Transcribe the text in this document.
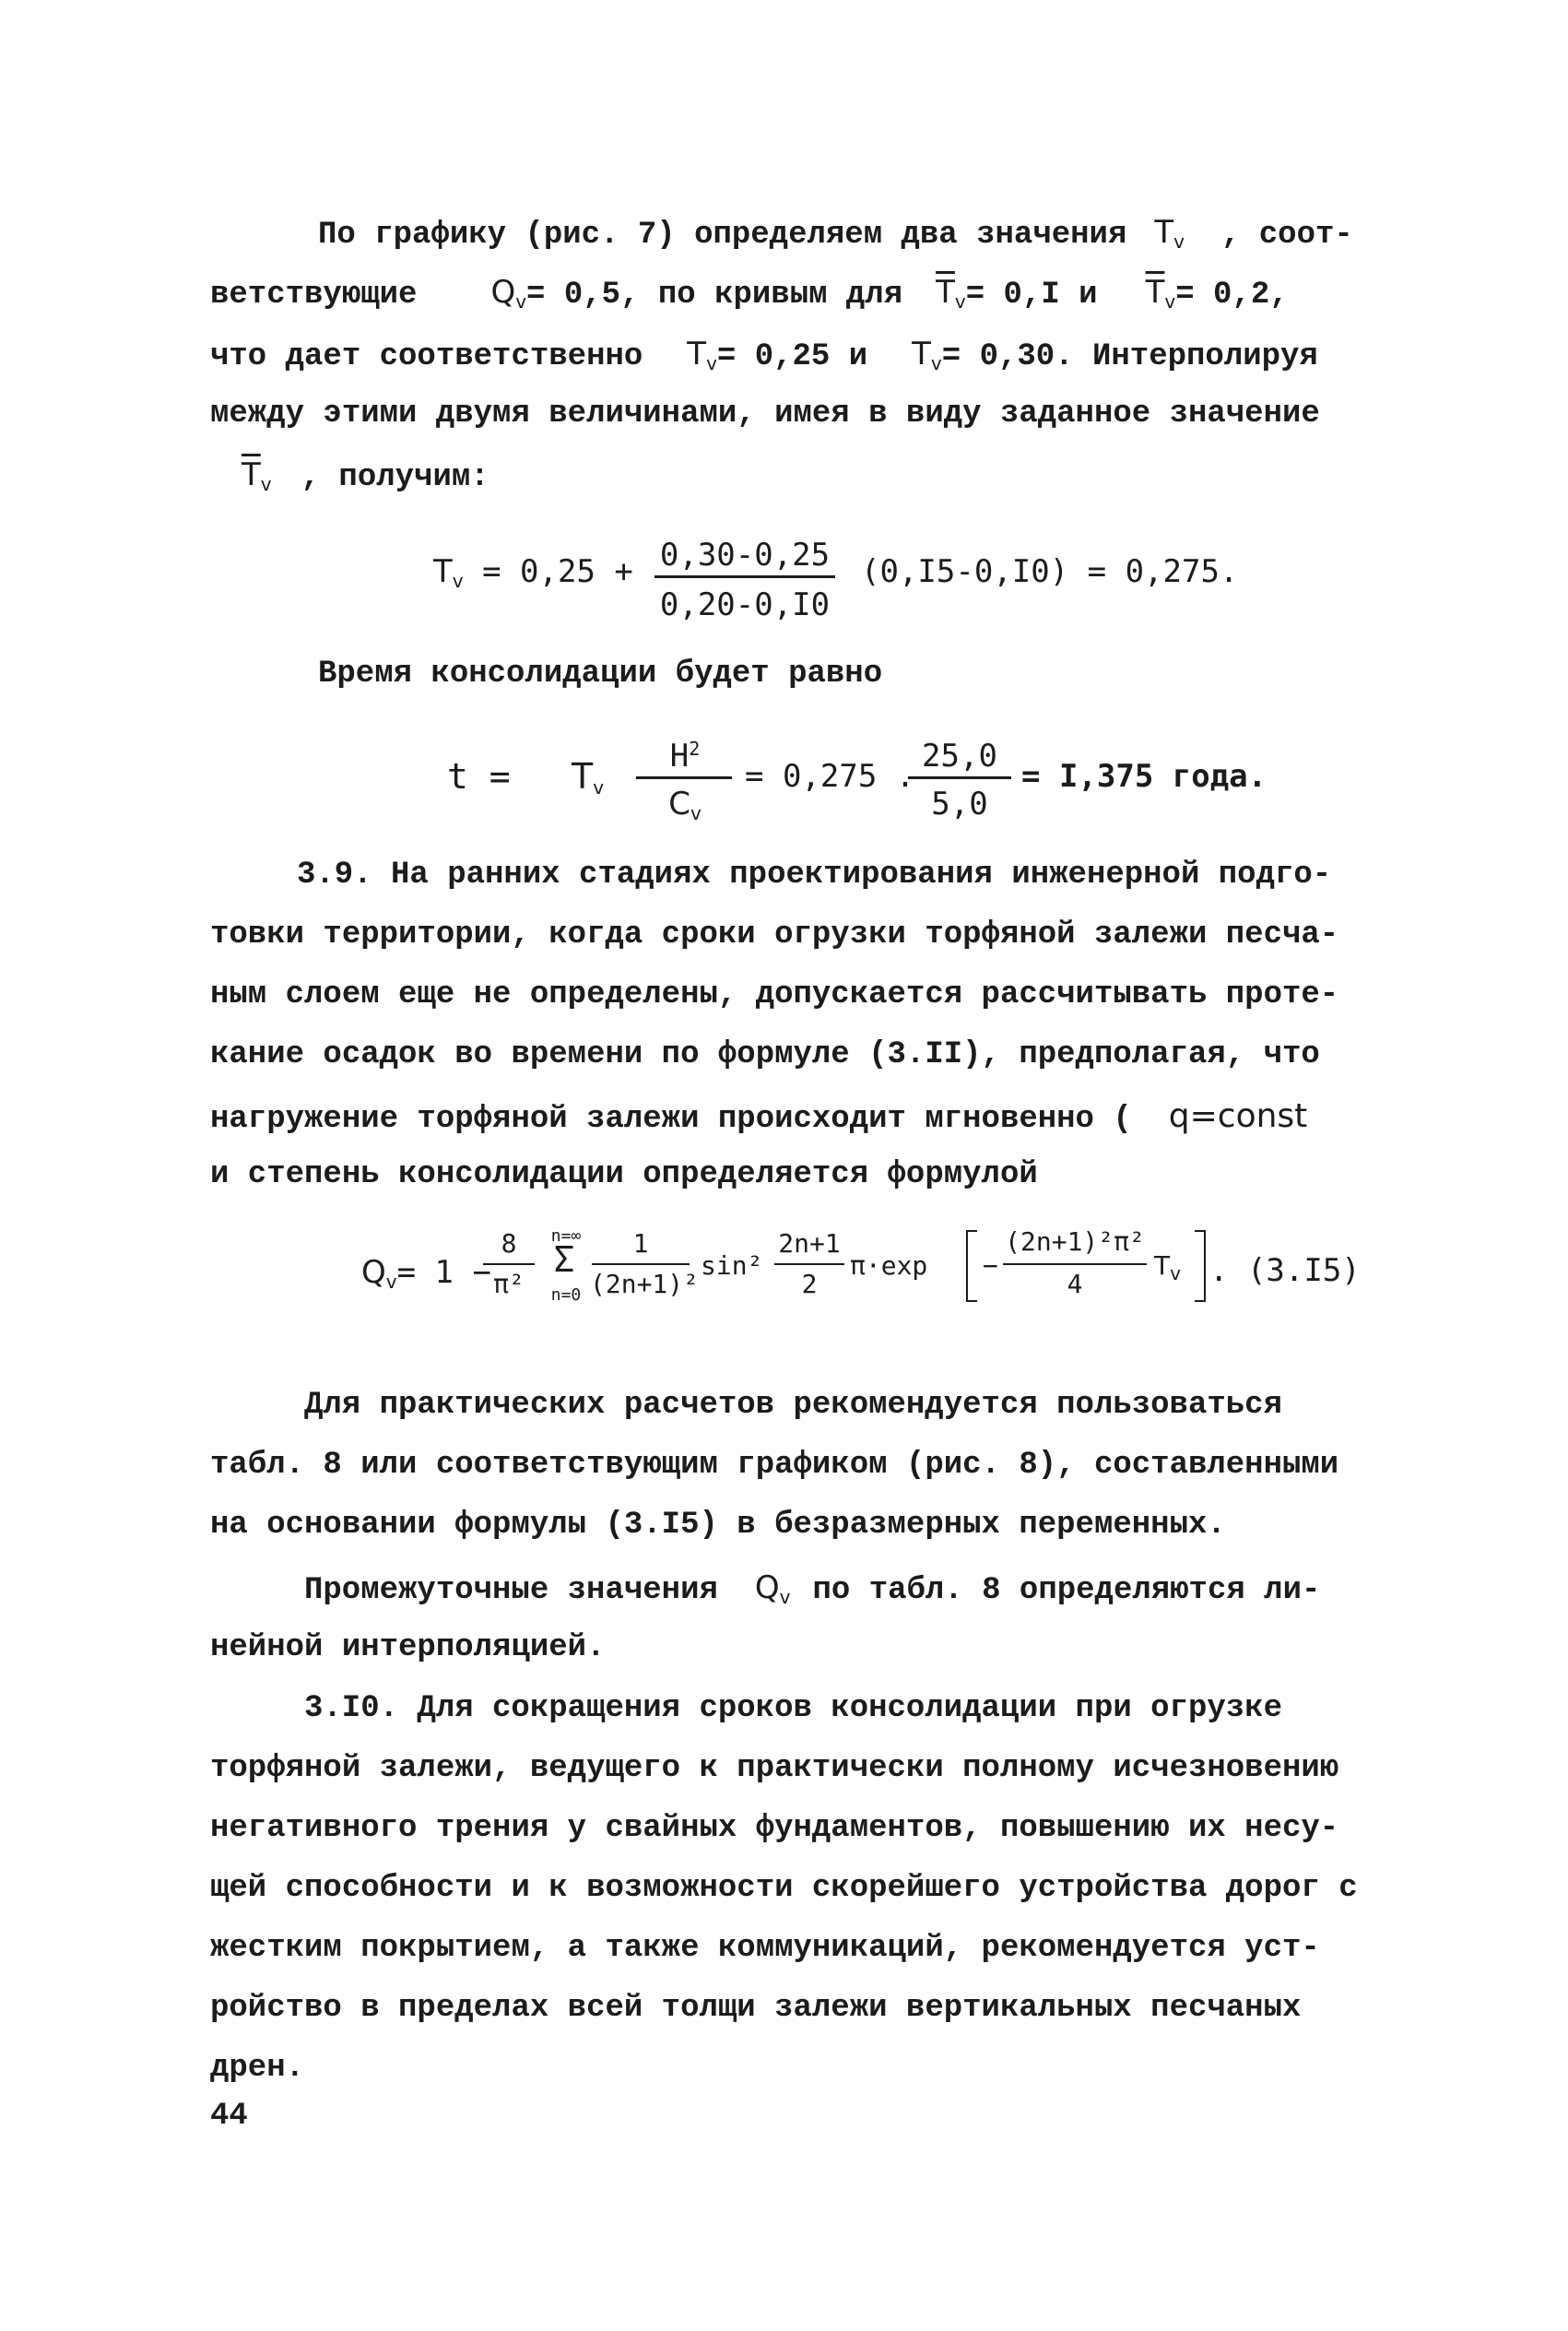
По графику (рис. 7) определяем два значения $T_v$ , соот-
ветствующие $Q_v= 0,5$, по кривым для $\overline{T}_v= 0,I$ и $\overline{T}_v= 0,2$,
что дает соответственно $T_v= 0,25$ и $T_v= 0,30$. Интерполируя
между этими двумя величинами, имея в виду заданное значение
$\overline{T}_v$ , получим:
$T_v = 0,25 + 0,30-0,25$
0,20-0,I0
(0,I5-0,I0) = 0,275.
Время консолидации будет равно
$t = T_v$
$H^2$
$C_v$
= 0,275 .
25,0
5,0
= I,375 года.
3.9. На ранних стадиях проектирования инженерной подго-
товки территории, когда сроки огрузки торфяной залежи песча-
ным слоем еще не определены, допускается рассчитывать проте-
кание осадок во времени по формуле (3.II), предполагая, что
нагружение торфяной залежи происходит мгновенно ( q=const
и степень консолидации определяется формулой
$Q_v= 1$ −
8
π²
n=∞
Σ
n=0
1
(2n+1)²
sin²
2n+1
2
π·exp −
(2n+1)²π²
4
$T_v$ . (3.I5)
Для практических расчетов рекомендуется пользоваться
табл. 8 или соответствующим графиком (рис. 8), составленными
на основании формулы (3.I5) в безразмерных переменных.
Промежуточные значения $Q_v$ по табл. 8 определяются ли-
нейной интерполяцией.
3.I0. Для сокращения сроков консолидации при огрузке
торфяной залежи, ведущего к практически полному исчезновению
негативного трения у свайных фундаментов, повышению их несу-
щей способности и к возможности скорейшего устройства дорог с
жестким покрытием, а также коммуникаций, рекомендуется уст-
ройство в пределах всей толщи залежи вертикальных песчаных
дрен.
44
